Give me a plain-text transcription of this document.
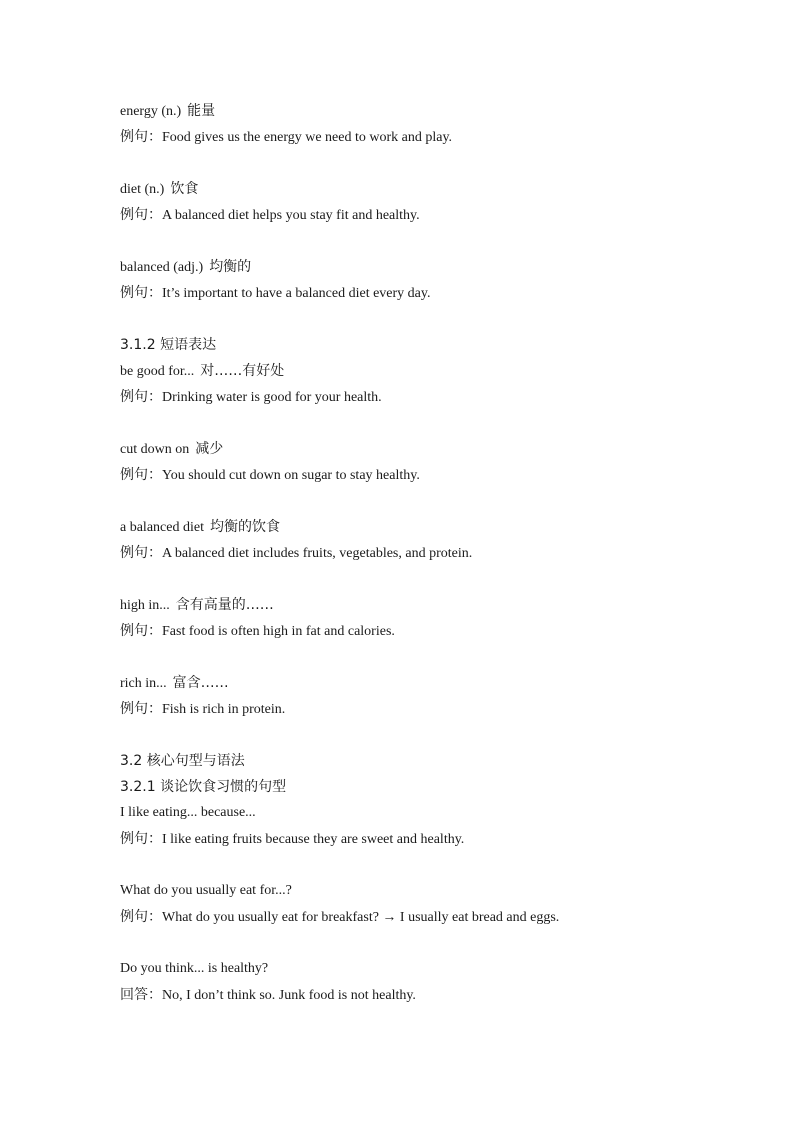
energy (n.) 能量
例句：Food gives us the energy we need to work and play.
diet (n.) 饮食
例句：A balanced diet helps you stay fit and healthy.
balanced (adj.) 均衡的
例句：It’s important to have a balanced diet every day.
3.1.2 短语表达
be good for... 对……有好处
例句：Drinking water is good for your health.
cut down on 减少
例句：You should cut down on sugar to stay healthy.
a balanced diet 均衡的饮食
例句：A balanced diet includes fruits, vegetables, and protein.
high in... 含有高量的……
例句：Fast food is often high in fat and calories.
rich in... 富含……
例句：Fish is rich in protein.
3.2 核心句型与语法
3.2.1 谈论饮食习惯的句型
I like eating... because...
例句：I like eating fruits because they are sweet and healthy.
What do you usually eat for...?
例句：What do you usually eat for breakfast? → I usually eat bread and eggs.
Do you think... is healthy?
回答：No, I don’t think so. Junk food is not healthy.
